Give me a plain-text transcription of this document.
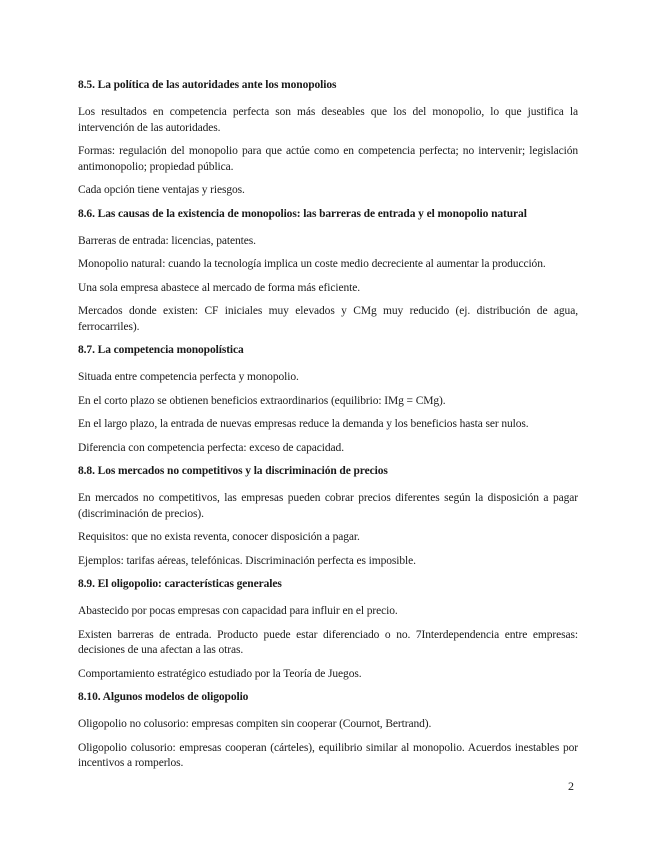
8.5. La política de las autoridades ante los monopolios

Los resultados en competencia perfecta son más deseables que los del monopolio, lo que justifica la intervención de las autoridades.

Formas: regulación del monopolio para que actúe como en competencia perfecta; no intervenir; legislación antimonopolio; propiedad pública.

Cada opción tiene ventajas y riesgos.

8.6. Las causas de la existencia de monopolios: las barreras de entrada y el monopolio natural

Barreras de entrada: licencias, patentes.

Monopolio natural: cuando la tecnología implica un coste medio decreciente al aumentar la producción.

Una sola empresa abastece al mercado de forma más eficiente.

Mercados donde existen: CF iniciales muy elevados y CMg muy reducido (ej. distribución de agua, ferrocarriles).

8.7. La competencia monopolística

Situada entre competencia perfecta y monopolio.

En el corto plazo se obtienen beneficios extraordinarios (equilibrio: IMg = CMg).

En el largo plazo, la entrada de nuevas empresas reduce la demanda y los beneficios hasta ser nulos.

Diferencia con competencia perfecta: exceso de capacidad.

8.8. Los mercados no competitivos y la discriminación de precios

En mercados no competitivos, las empresas pueden cobrar precios diferentes según la disposición a pagar (discriminación de precios).

Requisitos: que no exista reventa, conocer disposición a pagar.

Ejemplos: tarifas aéreas, telefónicas. Discriminación perfecta es imposible.

8.9. El oligopolio: características generales

Abastecido por pocas empresas con capacidad para influir en el precio.

Existen barreras de entrada. Producto puede estar diferenciado o no. 7Interdependencia entre empresas: decisiones de una afectan a las otras.

Comportamiento estratégico estudiado por la Teoría de Juegos.

8.10. Algunos modelos de oligopolio

Oligopolio no colusorio: empresas compiten sin cooperar (Cournot, Bertrand).

Oligopolio colusorio: empresas cooperan (cárteles), equilibrio similar al monopolio. Acuerdos inestables por incentivos a romperlos.

2
